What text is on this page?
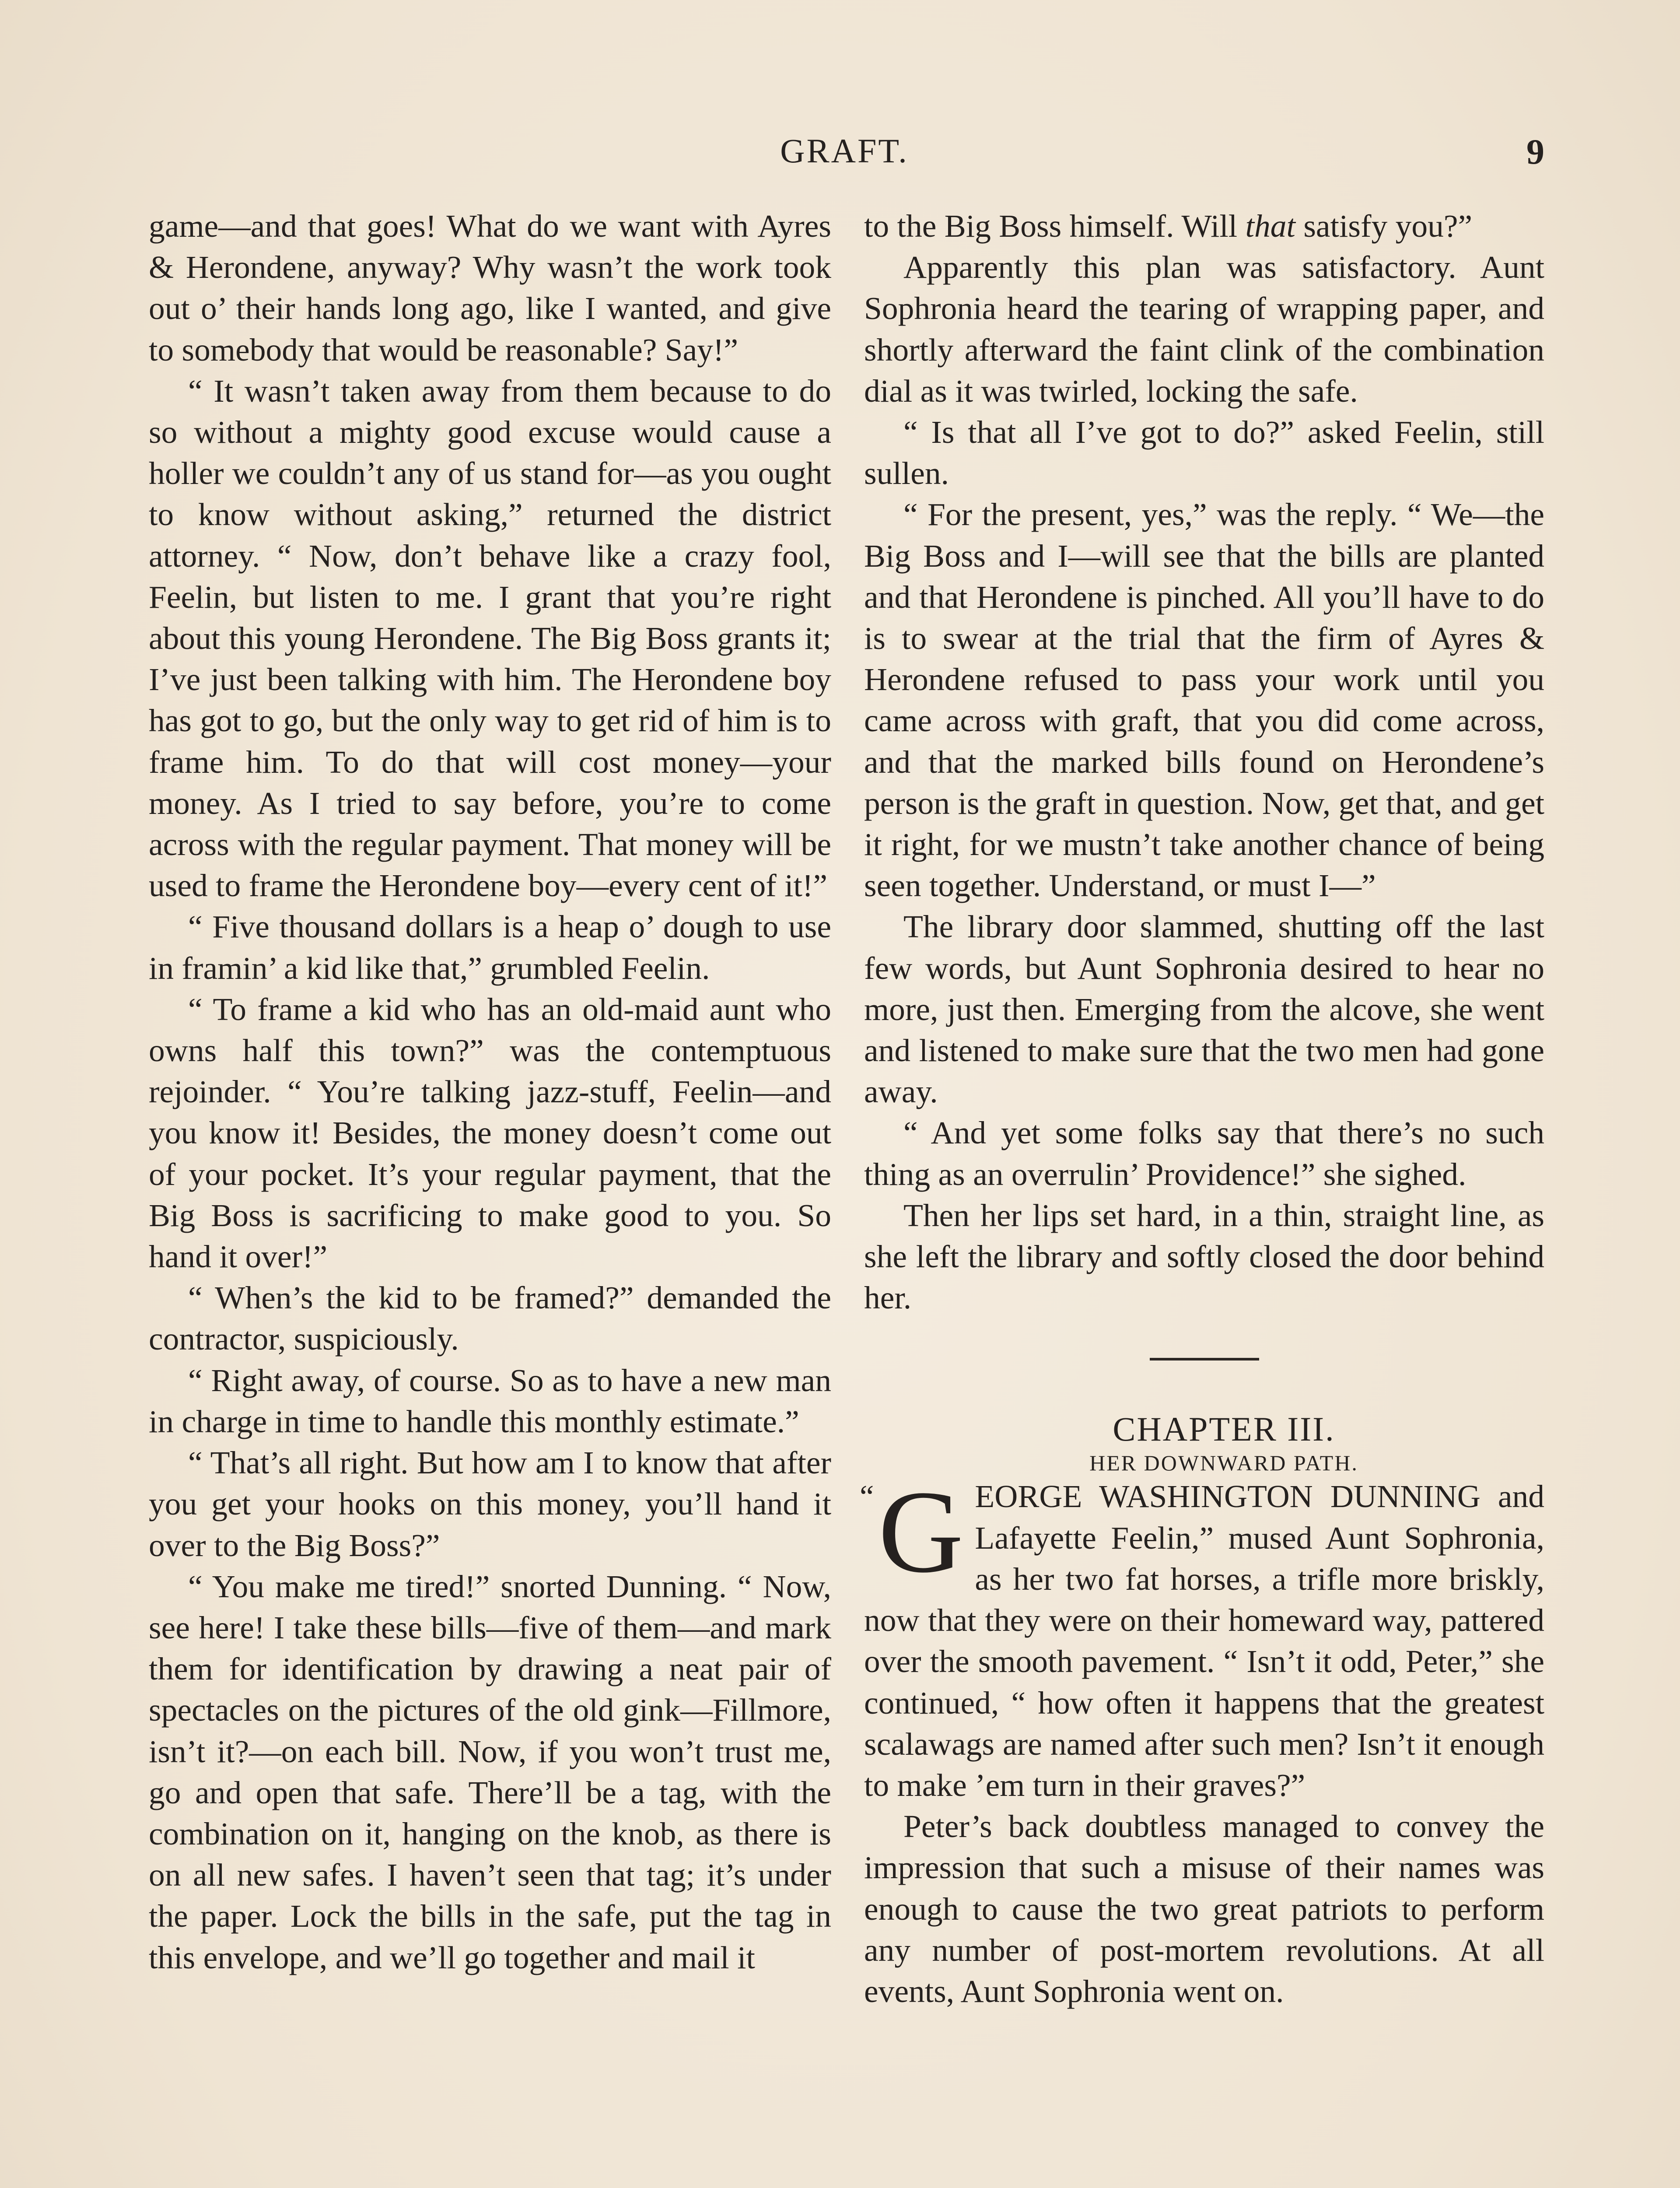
GRAFT.	9

game—and that goes! What do we want with Ayres & Herondene, anyway? Why wasn’t the work took out o’ their hands long ago, like I wanted, and give to somebody that would be reasonable? Say!”

“ It wasn’t taken away from them because to do so without a mighty good excuse would cause a holler we couldn’t any of us stand for—as you ought to know without asking,” returned the district attorney. “ Now, don’t behave like a crazy fool, Feelin, but listen to me. I grant that you’re right about this young Herondene. The Big Boss grants it; I’ve just been talking with him. The Herondene boy has got to go, but the only way to get rid of him is to frame him. To do that will cost money—your money. As I tried to say before, you’re to come across with the regular payment. That money will be used to frame the Herondene boy—every cent of it!”

“ Five thousand dollars is a heap o’ dough to use in framin’ a kid like that,” grumbled Feelin.

“ To frame a kid who has an old-maid aunt who owns half this town?” was the contemptuous rejoinder. “ You’re talking jazz-stuff, Feelin—and you know it! Besides, the money doesn’t come out of your pocket. It’s your regular payment, that the Big Boss is sacrificing to make good to you. So hand it over!”

“ When’s the kid to be framed?” demanded the contractor, suspiciously.

“ Right away, of course. So as to have a new man in charge in time to handle this monthly estimate.”

“ That’s all right. But how am I to know that after you get your hooks on this money, you’ll hand it over to the Big Boss?”

“ You make me tired!” snorted Dunning. “ Now, see here! I take these bills—five of them—and mark them for identification by drawing a neat pair of spectacles on the pictures of the old gink—Fillmore, isn’t it?—on each bill. Now, if you won’t trust me, go and open that safe. There’ll be a tag, with the combination on it, hanging on the knob, as there is on all new safes. I haven’t seen that tag; it’s under the paper. Lock the bills in the safe, put the tag in this envelope, and we’ll go together and mail it

to the Big Boss himself. Will that satisfy you?”

Apparently this plan was satisfactory. Aunt Sophronia heard the tearing of wrapping paper, and shortly afterward the faint clink of the combination dial as it was twirled, locking the safe.

“ Is that all I’ve got to do?” asked Feelin, still sullen.

“ For the present, yes,” was the reply. “ We—the Big Boss and I—will see that the bills are planted and that Herondene is pinched. All you’ll have to do is to swear at the trial that the firm of Ayres & Herondene refused to pass your work until you came across with graft, that you did come across, and that the marked bills found on Herondene’s person is the graft in question. Now, get that, and get it right, for we mustn’t take another chance of being seen together. Understand, or must I—”

The library door slammed, shutting off the last few words, but Aunt Sophronia desired to hear no more, just then. Emerging from the alcove, she went and listened to make sure that the two men had gone away.

“ And yet some folks say that there’s no such thing as an overrulin’ Providence!” she sighed.

Then her lips set hard, in a thin, straight line, as she left the library and softly closed the door behind her.

CHAPTER III.

HER DOWNWARD PATH.

“ G EORGE WASHINGTON DUNNING and Lafayette Feelin,” mused Aunt Sophronia, as her two fat horses, a trifle more briskly, now that they were on their homeward way, pattered over the smooth pavement. “ Isn’t it odd, Peter,” she continued, “ how often it happens that the greatest scalawags are named after such men? Isn’t it enough to make ’em turn in their graves?”

Peter’s back doubtless managed to convey the impression that such a misuse of their names was enough to cause the two great patriots to perform any number of post-mortem revolutions. At all events, Aunt Sophronia went on.
